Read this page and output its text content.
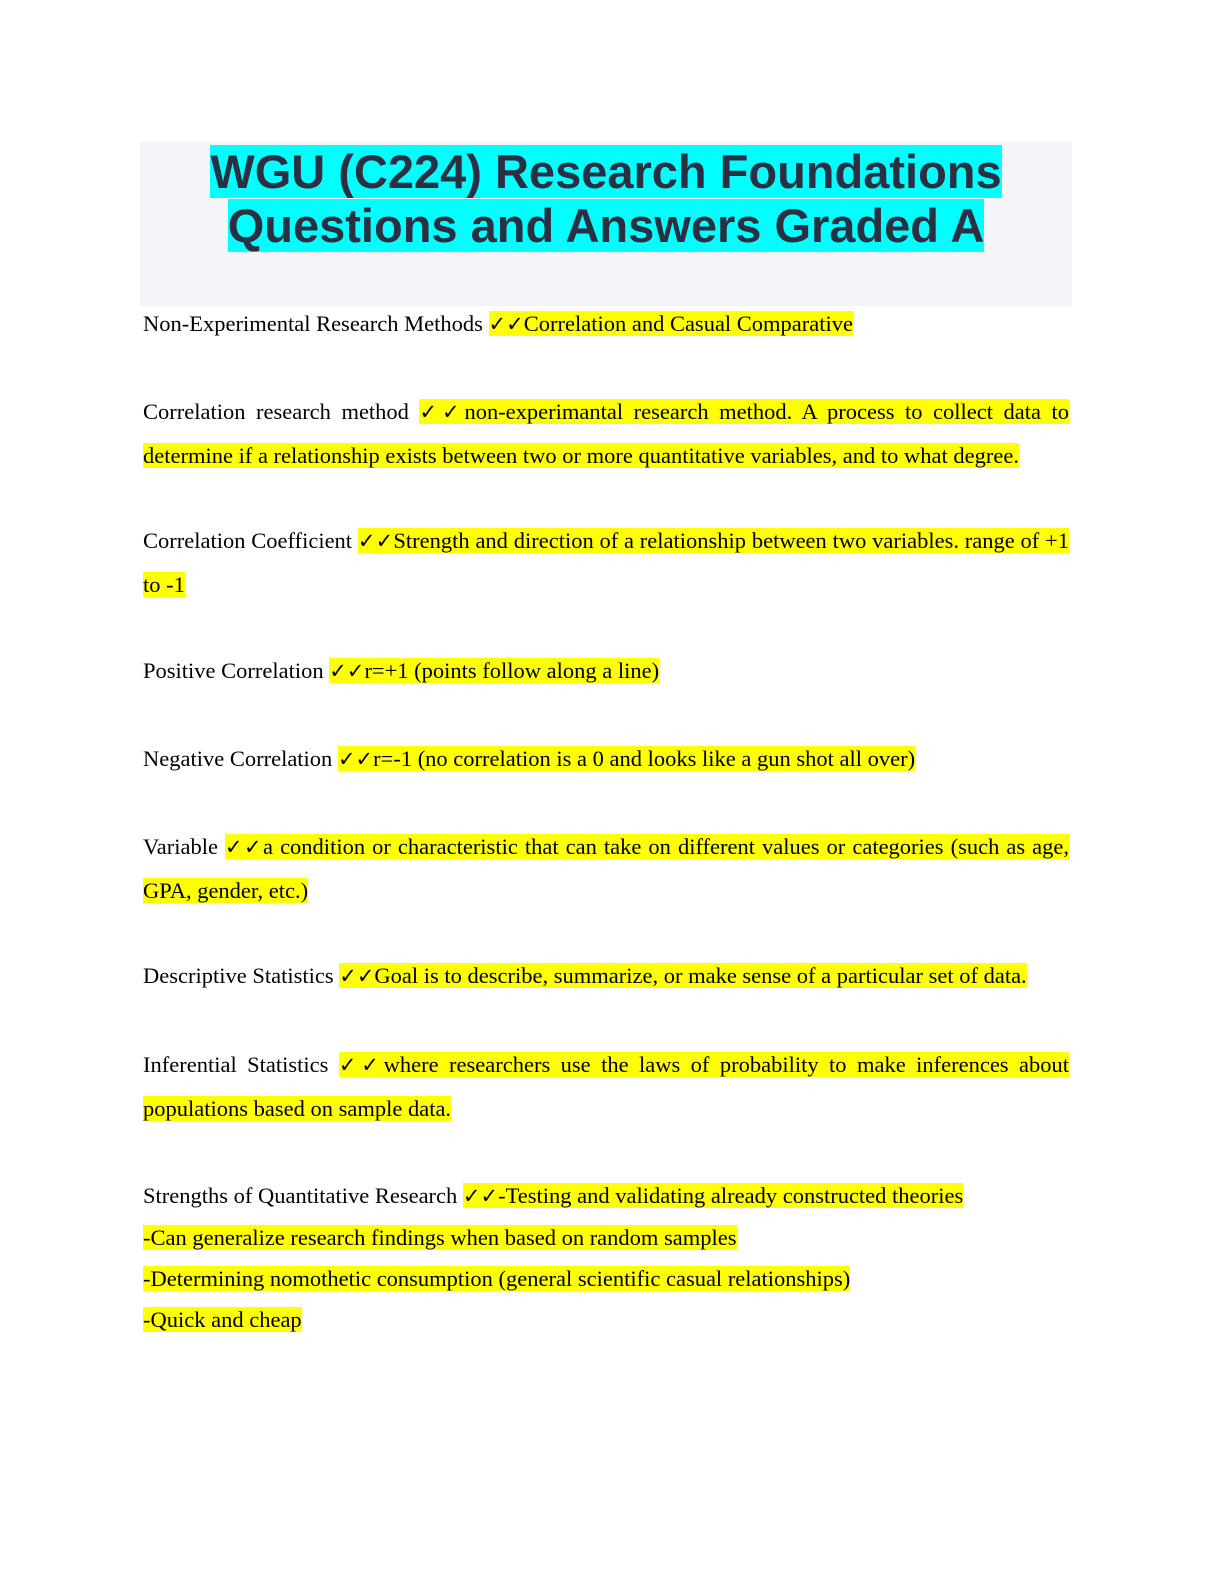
WGU (C224) Research Foundations
Questions and Answers Graded A

Non-Experimental Research Methods ✓✓Correlation and Casual Comparative

Correlation research method ✓✓non-experimantal research method. A process to collect data to determine if a relationship exists between two or more quantitative variables, and to what degree.

Correlation Coefficient ✓✓Strength and direction of a relationship between two variables. range of +1 to -1

Positive Correlation ✓✓r=+1 (points follow along a line)

Negative Correlation ✓✓r=-1 (no correlation is a 0 and looks like a gun shot all over)

Variable ✓✓a condition or characteristic that can take on different values or categories (such as age, GPA, gender, etc.)

Descriptive Statistics ✓✓Goal is to describe, summarize, or make sense of a particular set of data.

Inferential Statistics ✓✓where researchers use the laws of probability to make inferences about populations based on sample data.

Strengths of Quantitative Research ✓✓-Testing and validating already constructed theories
-Can generalize research findings when based on random samples
-Determining nomothetic consumption (general scientific casual relationships)
-Quick and cheap
